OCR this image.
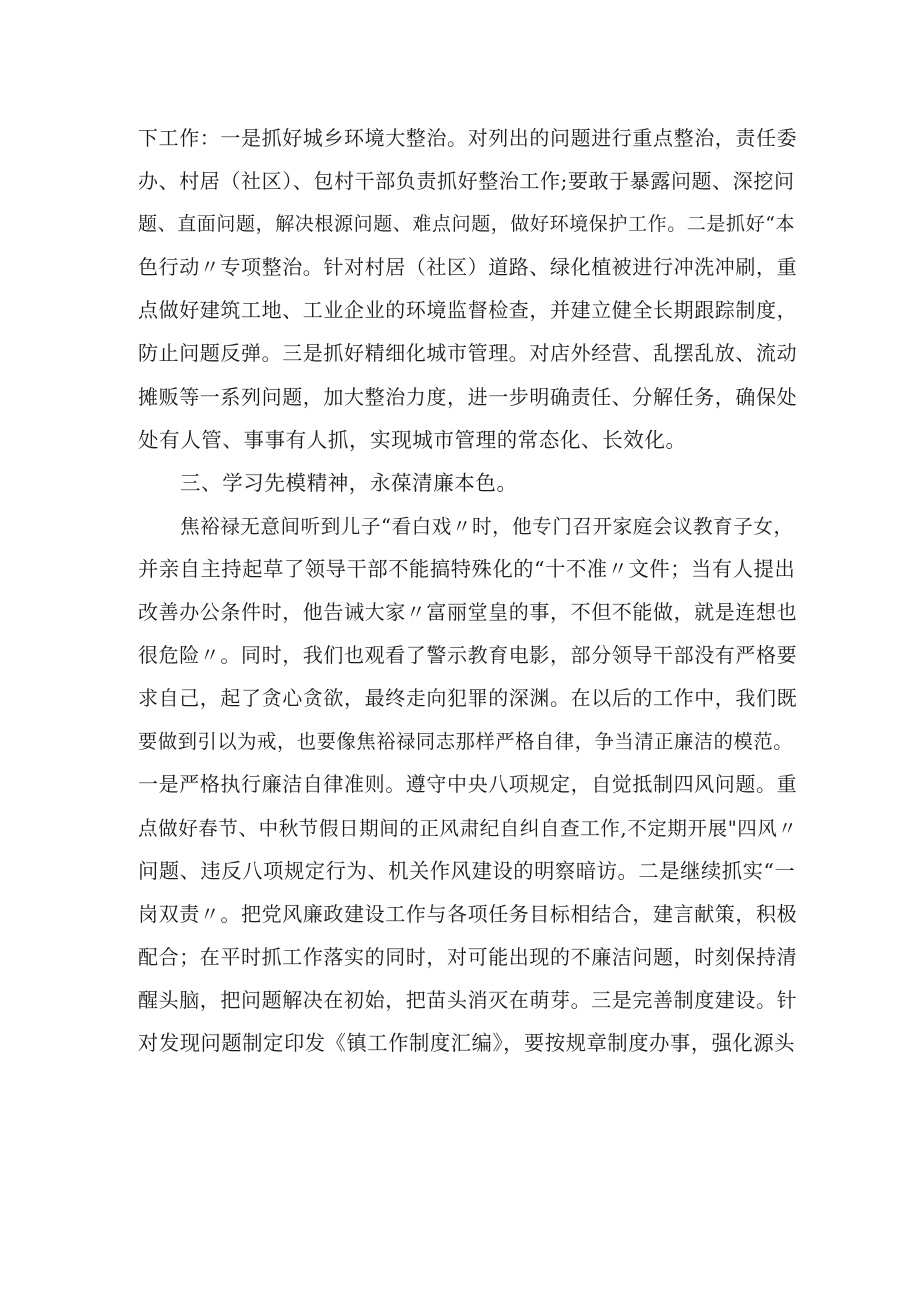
下工作：一是抓好城乡环境大整治。对列出的问题进行重点整治，责任委
办、村居（社区）、包村干部负责抓好整治工作;要敢于暴露问题、深挖问
题、直面问题，解决根源问题、难点问题，做好环境保护工作。二是抓好“本
色行动〃专项整治。针对村居（社区）道路、绿化植被进行冲洗冲刷，重
点做好建筑工地、工业企业的环境监督检查，并建立健全长期跟踪制度，
防止问题反弹。三是抓好精细化城市管理。对店外经营、乱摆乱放、流动
摊贩等一系列问题，加大整治力度，进一步明确责任、分解任务，确保处
处有人管、事事有人抓，实现城市管理的常态化、长效化。
三、学习先模精神，永葆清廉本色。
焦裕禄无意间听到儿子“看白戏〃时，他专门召开家庭会议教育子女，
并亲自主持起草了领导干部不能搞特殊化的“十不准〃文件；当有人提出
改善办公条件时，他告诫大家〃富丽堂皇的事，不但不能做，就是连想也
很危险〃。同时，我们也观看了警示教育电影，部分领导干部没有严格要
求自己，起了贪心贪欲，最终走向犯罪的深渊。在以后的工作中，我们既
要做到引以为戒，也要像焦裕禄同志那样严格自律，争当清正廉洁的模范。
一是严格执行廉洁自律准则。遵守中央八项规定，自觉抵制四风问题。重
点做好春节、中秋节假日期间的正风肃纪自纠自查工作,不定期开展"四风〃
问题、违反八项规定行为、机关作风建设的明察暗访。二是继续抓实“一
岗双责〃。把党风廉政建设工作与各项任务目标相结合，建言献策，积极
配合；在平时抓工作落实的同时，对可能出现的不廉洁问题，时刻保持清
醒头脑，把问题解决在初始，把苗头消灭在萌芽。三是完善制度建设。针
对发现问题制定印发《镇工作制度汇编》，要按规章制度办事，强化源头
